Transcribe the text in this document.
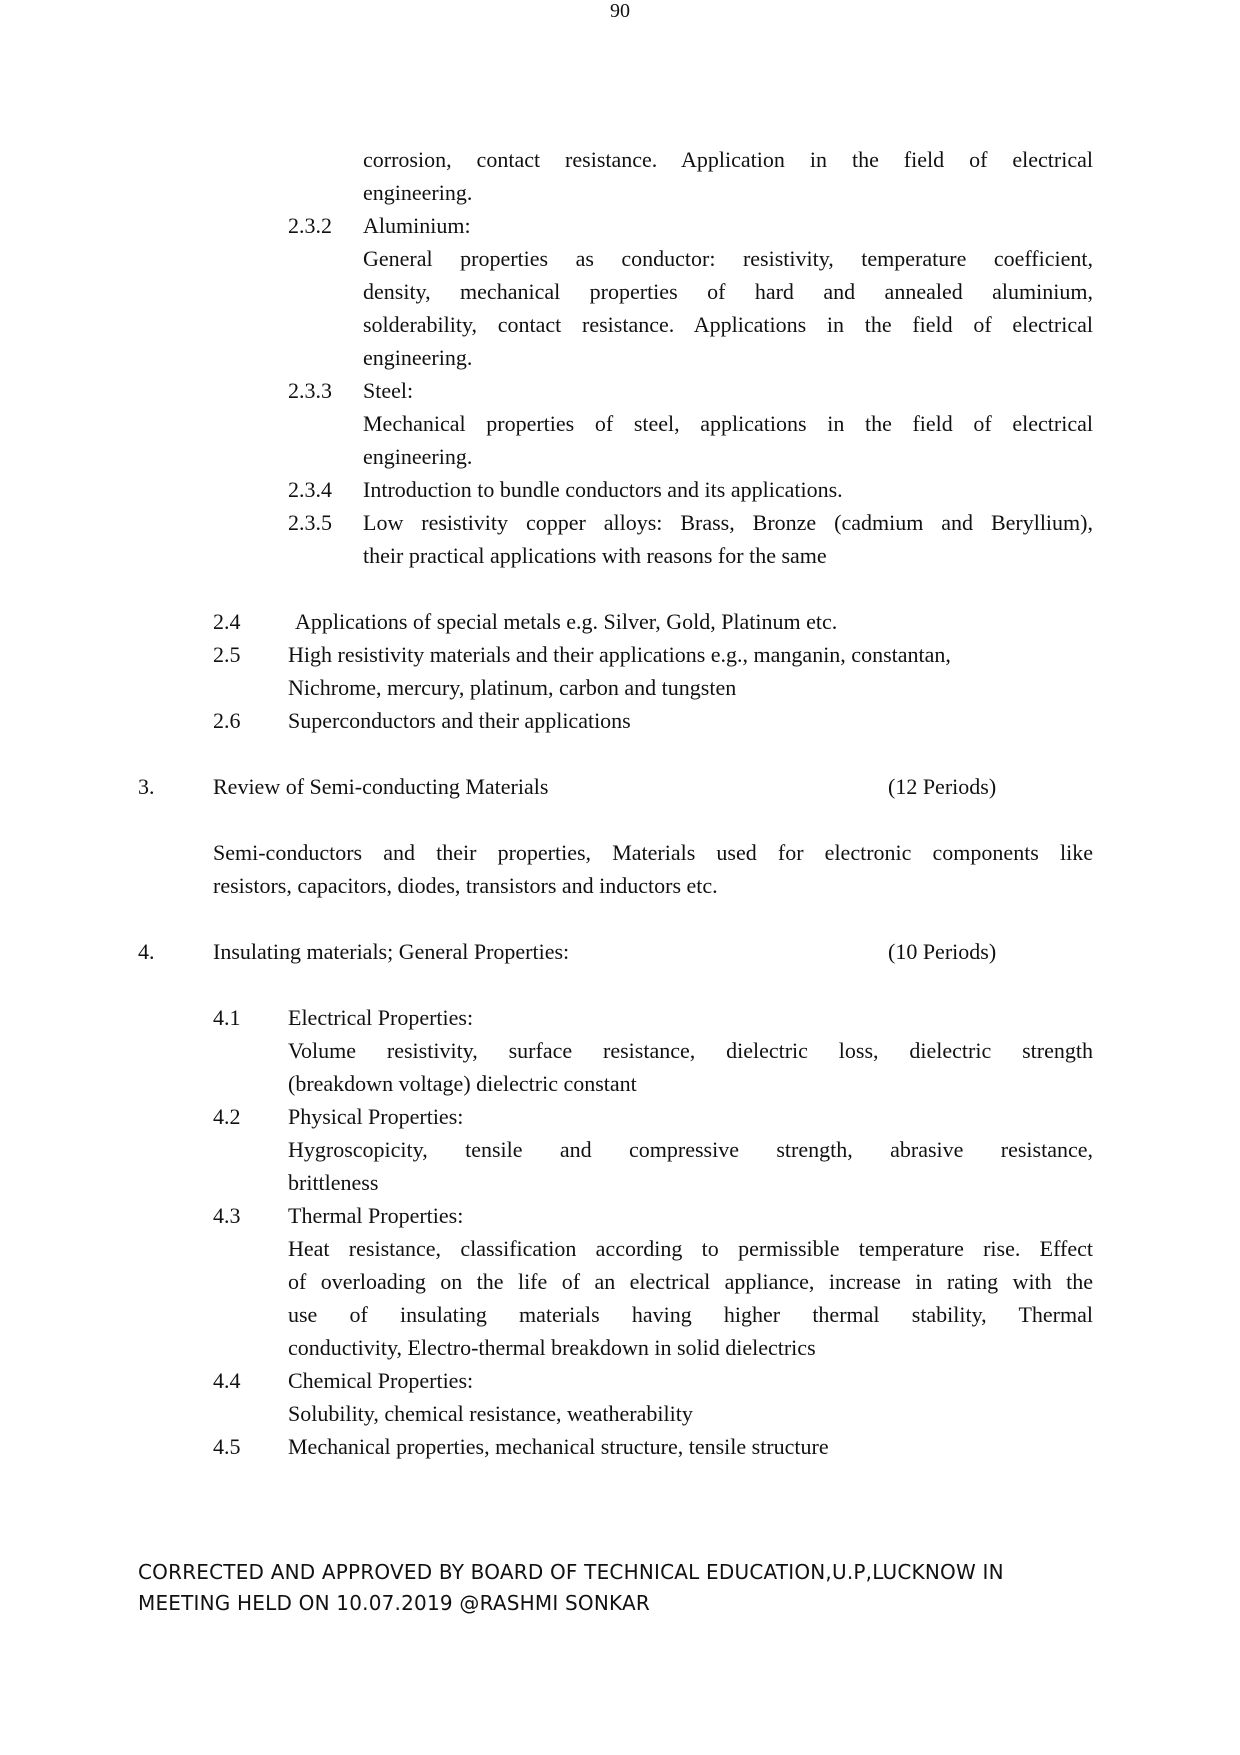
90
corrosion, contact resistance. Application in the field of electrical
engineering.
2.3.2 Aluminium:
General properties as conductor: resistivity, temperature coefficient,
density, mechanical properties of hard and annealed aluminium,
solderability, contact resistance. Applications in the field of electrical
engineering.
2.3.3 Steel:
Mechanical properties of steel, applications in the field of electrical
engineering.
2.3.4 Introduction to bundle conductors and its applications.
2.3.5 Low resistivity copper alloys: Brass, Bronze (cadmium and Beryllium),
their practical applications with reasons for the same
2.4 Applications of special metals e.g. Silver, Gold, Platinum etc.
2.5 High resistivity materials and their applications e.g., manganin, constantan,
Nichrome, mercury, platinum, carbon and tungsten
2.6 Superconductors and their applications
3.	Review of Semi-conducting Materials	(12 Periods)
Semi-conductors and their properties, Materials used for electronic components like
resistors, capacitors, diodes, transistors and inductors etc.
4.	Insulating materials; General Properties:	(10 Periods)
4.1 Electrical Properties:
Volume resistivity, surface resistance, dielectric loss, dielectric strength
(breakdown voltage) dielectric constant
4.2 Physical Properties:
Hygroscopicity, tensile and compressive strength, abrasive resistance,
brittleness
4.3 Thermal Properties:
Heat resistance, classification according to permissible temperature rise. Effect
of overloading on the life of an electrical appliance, increase in rating with the
use of insulating materials having higher thermal stability, Thermal
conductivity, Electro-thermal breakdown in solid dielectrics
4.4 Chemical Properties:
Solubility, chemical resistance, weatherability
4.5 Mechanical properties, mechanical structure, tensile structure
CORRECTED AND APPROVED BY BOARD OF TECHNICAL EDUCATION,U.P,LUCKNOW IN
MEETING HELD ON 10.07.2019 @RASHMI SONKAR
